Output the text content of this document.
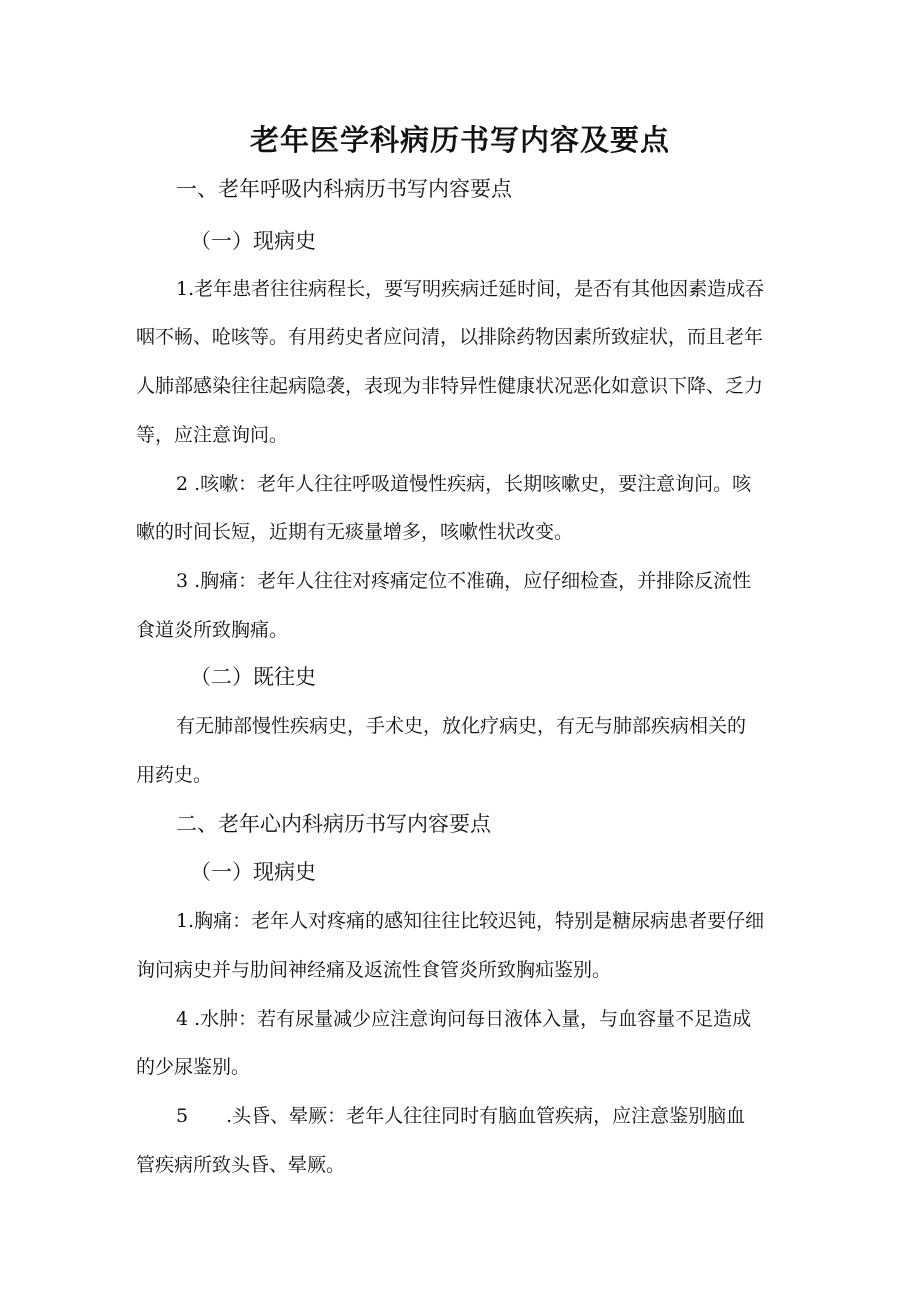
老年医学科病历书写内容及要点
一、老年呼吸内科病历书写内容要点
（一）现病史

1.老年患者往往病程长，要写明疾病迁延时间，是否有其他因素造成吞

咽不畅、呛咳等。有用药史者应问清，以排除药物因素所致症状，而且老年

人肺部感染往往起病隐袭，表现为非特异性健康状况恶化如意识下降、乏力

等，应注意询问。

2 .咳嗽：老年人往往呼吸道慢性疾病，长期咳嗽史，要注意询问。咳

嗽的时间长短，近期有无痰量增多，咳嗽性状改变。

3 .胸痛：老年人往往对疼痛定位不准确，应仔细检查，并排除反流性

食道炎所致胸痛。

（二）既往史

有无肺部慢性疾病史，手术史，放化疗病史，有无与肺部疾病相关的

用药史。

二、老年心内科病历书写内容要点
（一）现病史

1.胸痛：老年人对疼痛的感知往往比较迟钝，特别是糖尿病患者要仔细

询问病史并与肋间神经痛及返流性食管炎所致胸疝鉴别。

4 .水肿：若有尿量减少应注意询问每日液体入量，与血容量不足造成

的少尿鉴别。

5　　.头昏、晕厥：老年人往往同时有脑血管疾病，应注意鉴别脑血

管疾病所致头昏、晕厥。
